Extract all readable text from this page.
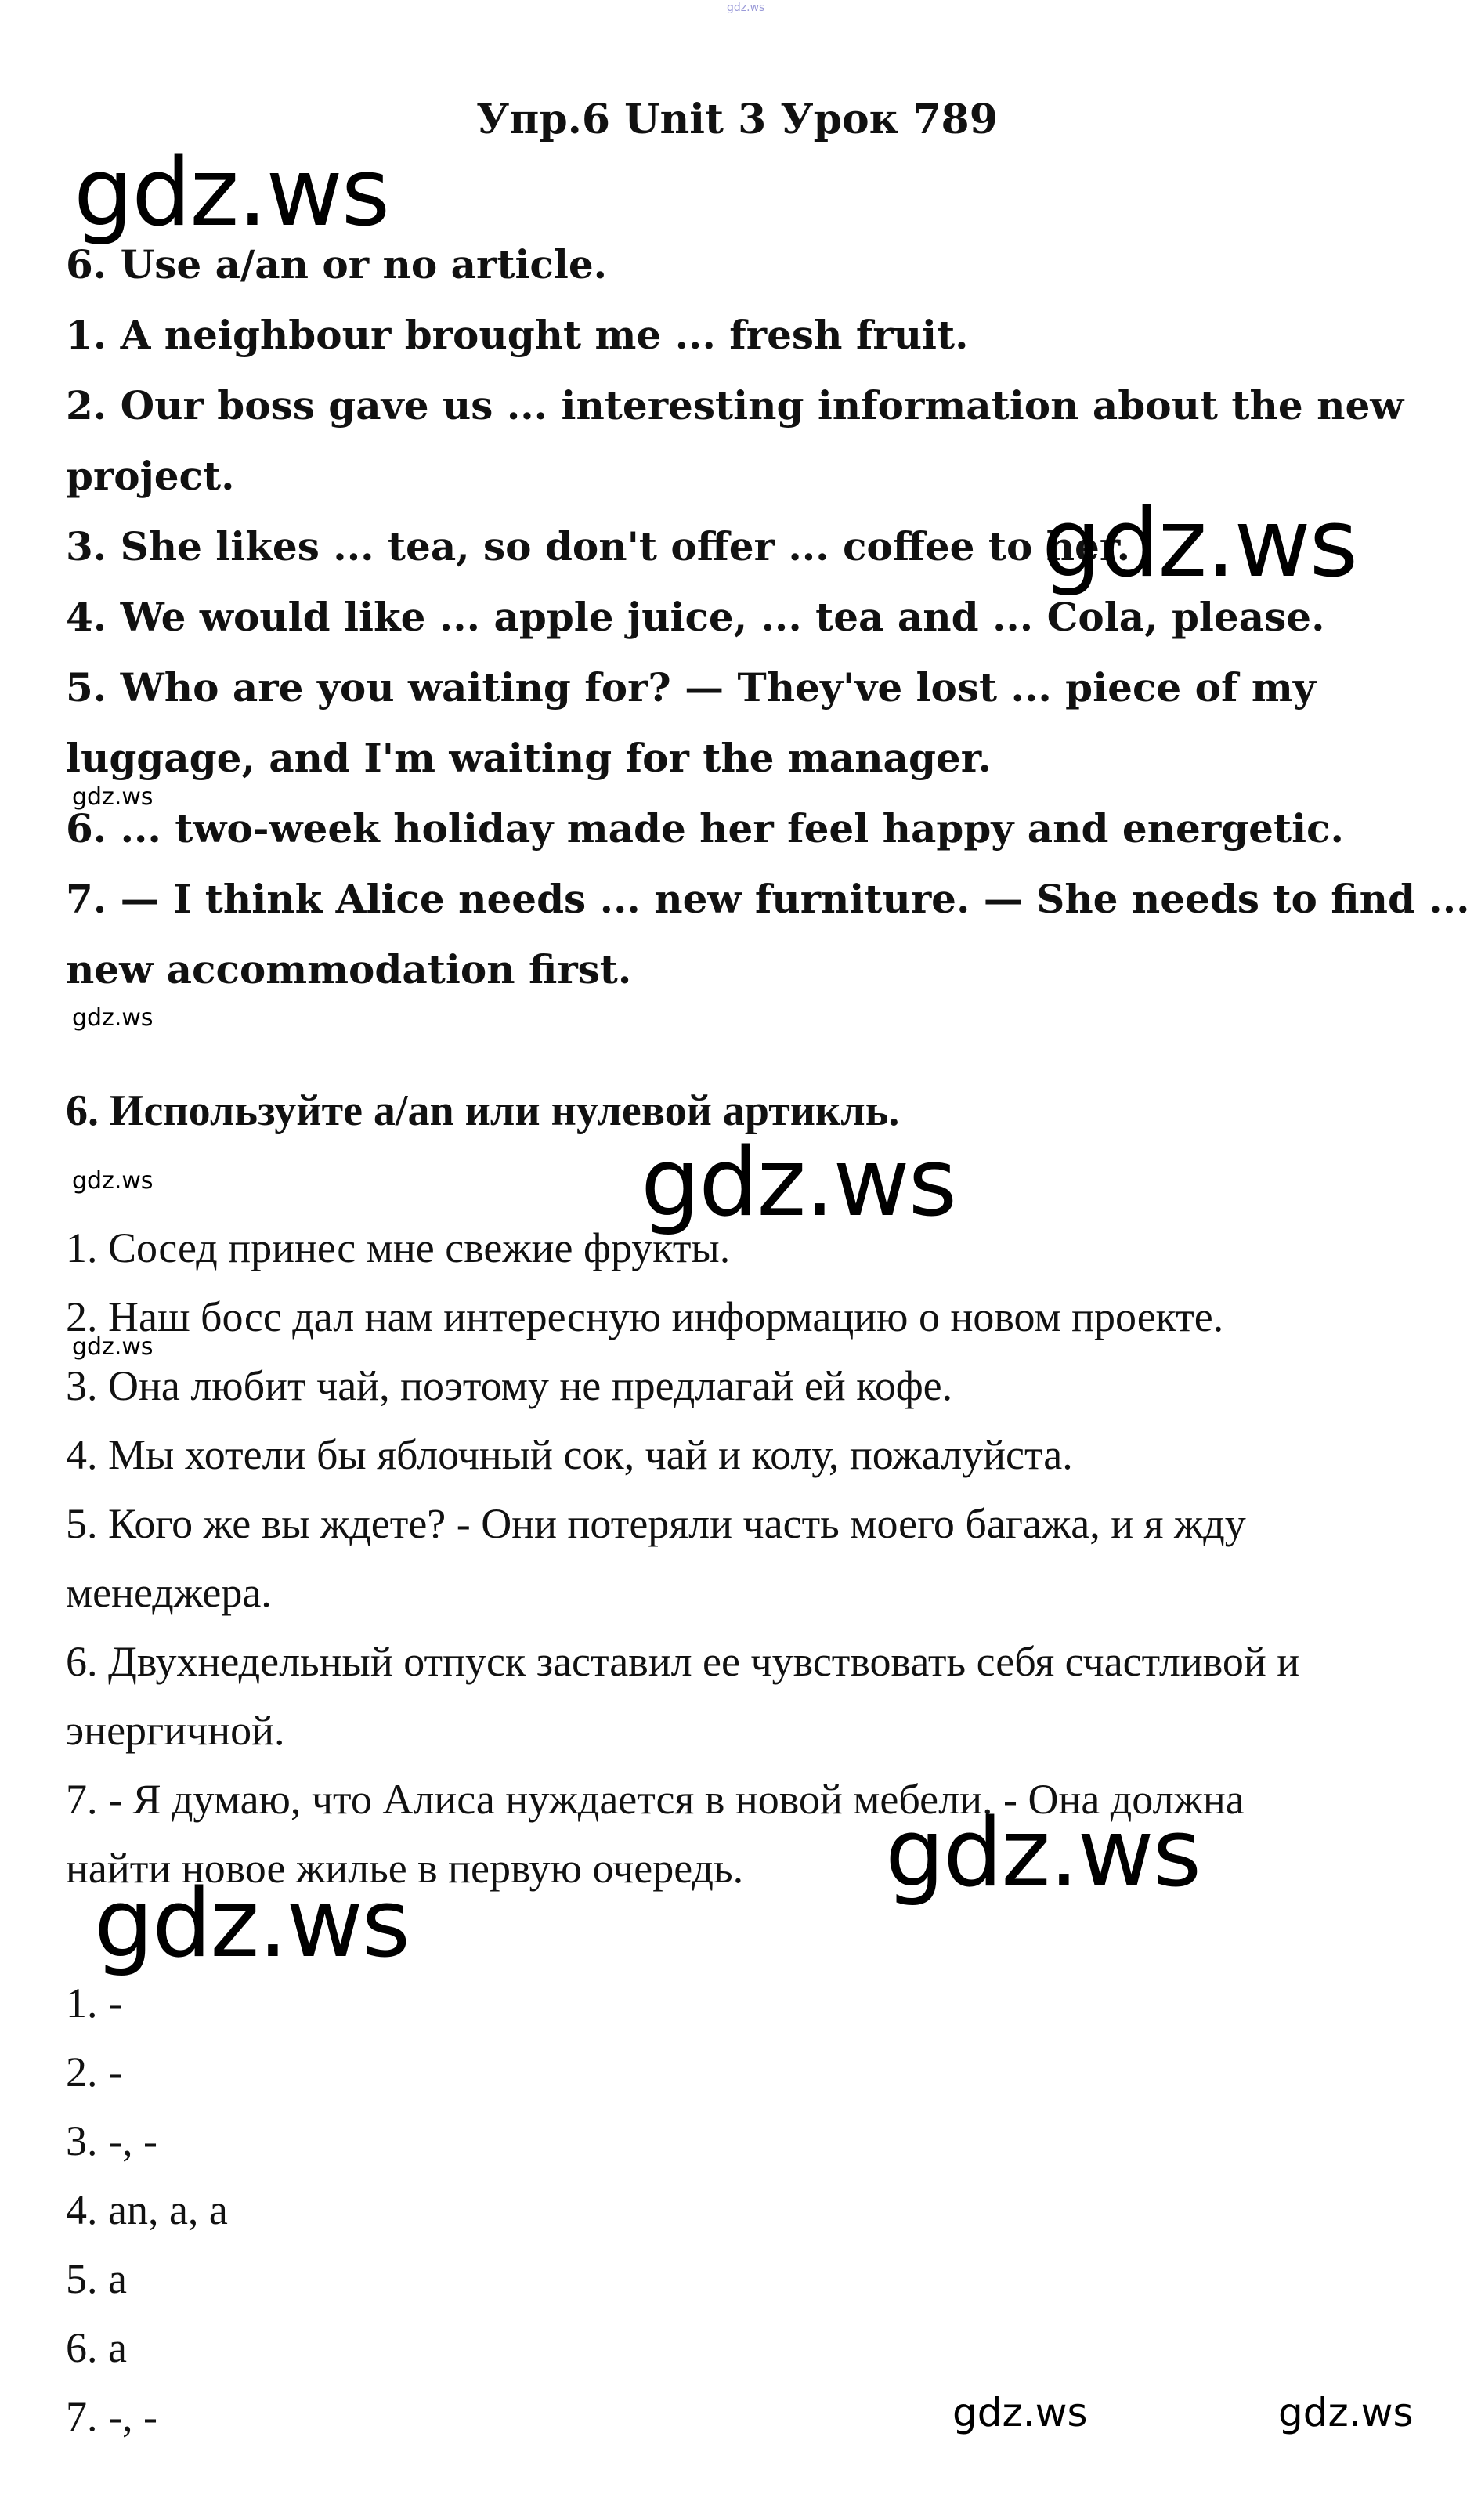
gdz.ws
Упр.6 Unit 3 Урок 789
gdz.ws
6. Use a/an or no article.
1. A neighbour brought me ... fresh fruit.
2. Our boss gave us ... interesting information about the new
project.
3. She likes ... tea, so don't offer ... coffee to her.
4. We would like ... apple juice, ... tea and ... Cola, please.
5. Who are you waiting for? — They've lost ... piece of my
luggage, and I'm waiting for the manager.
6. ... two-week holiday made her feel happy and energetic.
7. — I think Alice needs ... new furniture. — She needs to find ...
new accommodation first.
gdz.ws
gdz.ws
gdz.ws
6. Используйте a/an или нулевой артикль.
1. Сосед принес мне свежие фрукты.
2. Наш босс дал нам интересную информацию о новом проекте.
3. Она любит чай, поэтому не предлагай ей кофе.
4. Мы хотели бы яблочный сок, чай и колу, пожалуйста.
5. Кого же вы ждете? - Они потеряли часть моего багажа, и я жду
менеджера.
6. Двухнедельный отпуск заставил ее чувствовать себя счастливой и
энергичной.
7. - Я думаю, что Алиса нуждается в новой мебели. - Она должна
найти новое жилье в первую очередь.
gdz.ws	gdz.ws
gdz.ws
gdz.ws
gdz.ws
1. -
2. -
3. -, -
4. an, a, a
5. a
6. a
7. -, -	gdz.ws	gdz.ws
